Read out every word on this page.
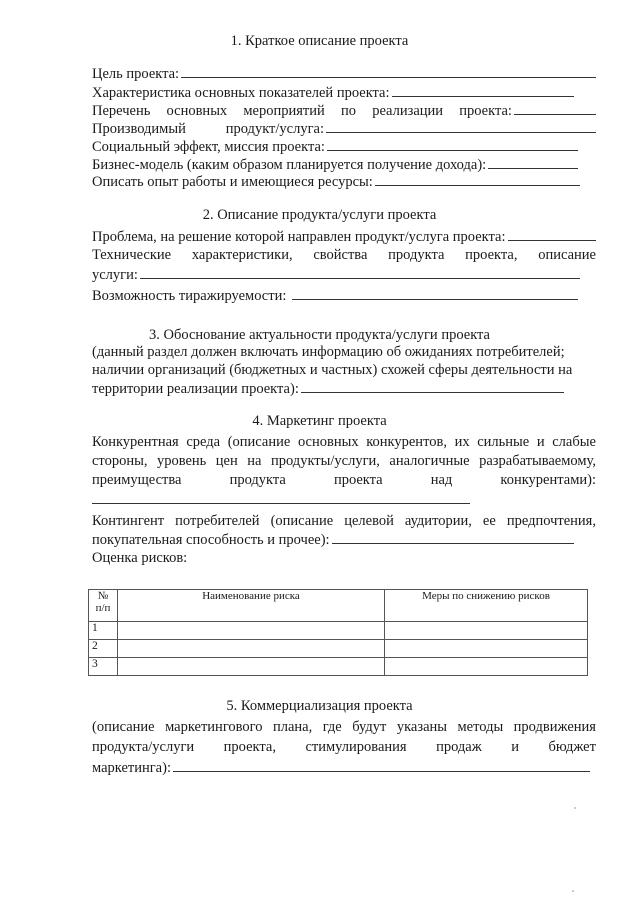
1. Краткое описание проекта
Цель проекта:
Характеристика основных показателей проекта:
Перечень основных мероприятий по реализации проекта:
Производимый	продукт/услуга:
Социальный эффект, миссия проекта:
Бизнес-модель (каким образом планируется получение дохода):
Описать опыт работы и имеющиеся ресурсы:
2. Описание продукта/услуги проекта
Проблема, на решение которой направлен продукт/услуга проекта:
Технические характеристики, свойства продукта проекта, описание
услуги:
Возможность тиражируемости:
3. Обоснование актуальности продукта/услуги проекта
(данный раздел должен включать информацию об ожиданиях потребителей;
наличии организаций (бюджетных и частных) схожей сферы деятельности на
территории реализации проекта):
4. Маркетинг проекта
Конкурентная среда (описание основных конкурентов, их сильные и слабые
стороны, уровень цен на продукты/услуги, аналогичные разрабатываемому,
преимущества	продукта	проекта	над	конкурентами):
Контингент потребителей (описание целевой аудитории, ее предпочтения,
покупательная способность и прочее):
Оценка рисков:
№
п/п	Наименование риска	Меры по снижению рисков
1		
2		
3		
5. Коммерциализация проекта
(описание маркетингового плана, где будут указаны методы продвижения
продукта/услуги проекта, стимулирования продаж и бюджет
маркетинга):
